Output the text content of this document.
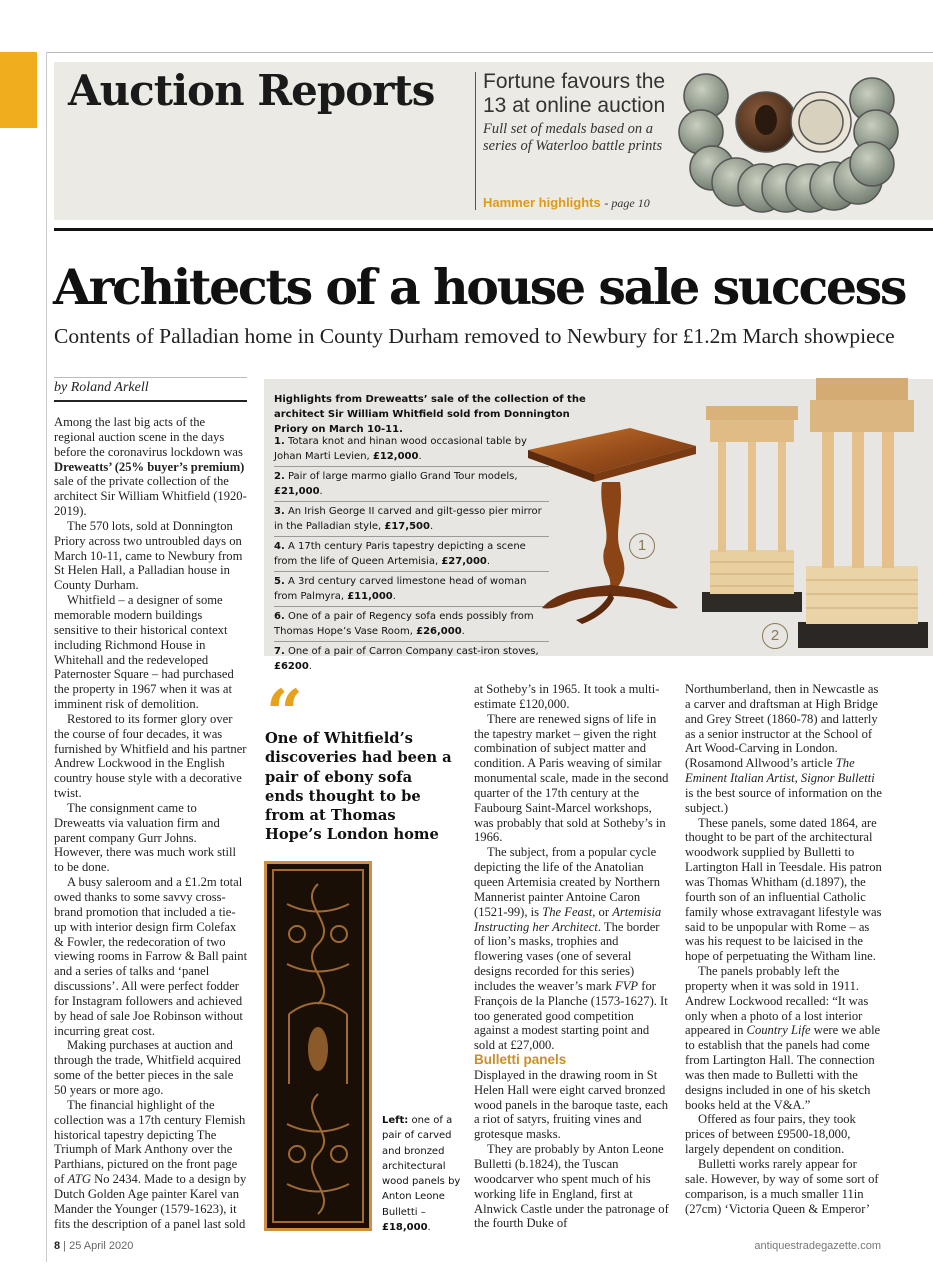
Auction Reports Fortune favours the 13 at online auction
Full set of medals based on a series of Waterloo battle prints
Hammer highlights - page 10
Architects of a house sale success
Contents of Palladian home in County Durham removed to Newbury for £1.2m March showpiece
by Roland Arkell

Among the last big acts of the regional auction scene in the days before the coronavirus lockdown was Dreweatts’ (25% buyer’s premium) sale of the private collection of the architect Sir William Whitfield (1920-2019).

The 570 lots, sold at Donnington Priory across two untroubled days on March 10-11, came to Newbury from St Helen Hall, a Palladian house in County Durham.

Whitfield – a designer of some memorable modern buildings sensitive to their historical context including Richmond House in Whitehall and the redeveloped Paternoster Square – had purchased the property in 1967 when it was at imminent risk of demolition.

Restored to its former glory over the course of four decades, it was furnished by Whitfield and his partner Andrew Lockwood in the English country house style with a decorative twist.

The consignment came to Dreweatts via valuation firm and parent company Gurr Johns. However, there was much work still to be done.

A busy saleroom and a £1.2m total owed thanks to some savvy cross-brand promotion that included a tie-up with interior design firm Colefax & Fowler, the redecoration of two viewing rooms in Farrow & Ball paint and a series of talks and ‘panel discussions’. All were perfect fodder for Instagram followers and achieved by head of sale Joe Robinson without incurring great cost.

Making purchases at auction and through the trade, Whitfield acquired some of the better pieces in the sale 50 years or more ago.

The financial highlight of the collection was a 17th century Flemish historical tapestry depicting The Triumph of Mark Anthony over the Parthians, pictured on the front page of ATG No 2434. Made to a design by Dutch Golden Age painter Karel van Mander the Younger (1579-1623), it fits the description of a panel last sold

Highlights from Dreweatts’ sale of the collection of the architect Sir William Whitfield sold from Donnington Priory on March 10-11.
1. Totara knot and hinan wood occasional table by Johan Marti Levien, £12,000.
2. Pair of large marmo giallo Grand Tour models, £21,000.
3. An Irish George II carved and gilt-gesso pier mirror in the Palladian style, £17,500.
4. A 17th century Paris tapestry depicting a scene from the life of Queen Artemisia, £27,000.
5. A 3rd century carved limestone head of woman from Palmyra, £11,000.
6. One of a pair of Regency sofa ends possibly from Thomas Hope’s Vase Room, £26,000.
7. One of a pair of Carron Company cast-iron stoves, £6200.
1
2
“
One of Whitfield’s discoveries had been a pair of ebony sofa ends thought to be from at Thomas Hope’s London home
Left: one of a pair of carved and bronzed architectural wood panels by Anton Leone Bulletti – £18,000.

at Sotheby’s in 1965. It took a multi-estimate £120,000.

There are renewed signs of life in the tapestry market – given the right combination of subject matter and condition. A Paris weaving of similar monumental scale, made in the second quarter of the 17th century at the Faubourg Saint-Marcel workshops, was probably that sold at Sotheby’s in 1966.

The subject, from a popular cycle depicting the life of the Anatolian queen Artemisia created by Northern Mannerist painter Antoine Caron (1521-99), is The Feast, or Artemisia Instructing her Architect. The border of lion’s masks, trophies and flowering vases (one of several designs recorded for this series) includes the weaver’s mark FVP for François de la Planche (1573-1627). It too generated good competition against a modest starting point and sold at £27,000.

Bulletti panels

Displayed in the drawing room in St Helen Hall were eight carved bronzed wood panels in the baroque taste, each a riot of satyrs, fruiting vines and grotesque masks.

They are probably by Anton Leone Bulletti (b.1824), the Tuscan woodcarver who spent much of his working life in England, first at Alnwick Castle under the patronage of the fourth Duke of

Northumberland, then in Newcastle as a carver and draftsman at High Bridge and Grey Street (1860-78) and latterly as a senior instructor at the School of Art Wood-Carving in London. (Rosamond Allwood’s article The Eminent Italian Artist, Signor Bulletti is the best source of information on the subject.)

These panels, some dated 1864, are thought to be part of the architectural woodwork supplied by Bulletti to Lartington Hall in Teesdale. His patron was Thomas Whitham (d.1897), the fourth son of an influential Catholic family whose extravagant lifestyle was said to be unpopular with Rome – as was his request to be laicised in the hope of perpetuating the Witham line.

The panels probably left the property when it was sold in 1911. Andrew Lockwood recalled: “It was only when a photo of a lost interior appeared in Country Life were we able to establish that the panels had come from Lartington Hall. The connection was then made to Bulletti with the designs included in one of his sketch books held at the V&A.”

Offered as four pairs, they took prices of between £9500-18,000, largely dependent on condition.

Bulletti works rarely appear for sale. However, by way of some sort of comparison, is a much smaller 11in (27cm) ‘Victoria Queen & Emperor’

8 | 25 April 2020	antiquestradegazette.com
